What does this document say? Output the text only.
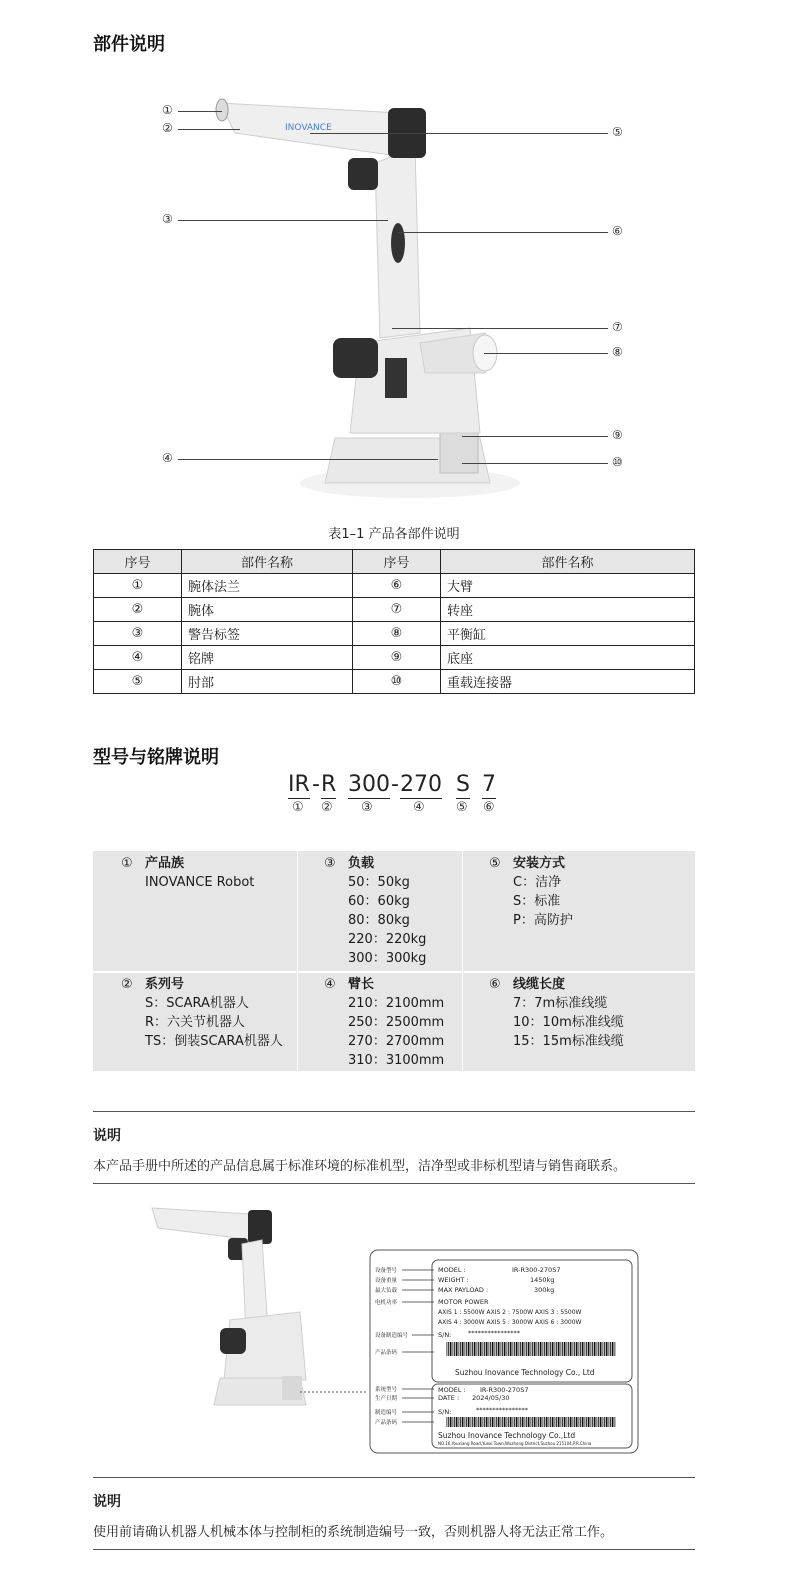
部件说明
INOVANCE
①
②
③
④
⑤
⑥
⑦
⑧
⑨
⑩
表1–1 产品各部件说明
序号	部件名称	序号	部件名称
①	腕体法兰	⑥	大臂
②	腕体	⑦	转座
③	警告标签	⑧	平衡缸
④	铭牌	⑨	底座
⑤	肘部	⑩	重载连接器
型号与铭牌说明
IR - R 300 - 270 S 7
① ② ③	④ ⑤ ⑥
① 产品族
INOVANCE Robot
③ 负载
50：50kg
60：60kg
80：80kg
220：220kg
300：300kg
⑤ 安装方式
C：洁净
S：标准
P：高防护
② 系列号
S：SCARA机器人
R：六关节机器人
TS：倒装SCARA机器人
④ 臂长
210：2100mm
250：2500mm
270：2700mm
310：3100mm
⑥ 线缆长度
7：7m标准线缆
10：10m标准线缆
15：15m标准线缆
说明
本产品手册中所述的产品信息属于标准环境的标准机型，洁净型或非标机型请与销售商联系。
设备型号
设备重量
最大负载
电机功率
设备制造编号
产品条码
系统型号
生产日期
制造编号
产品条码
MODEL :	IR-R300-270S7
WEIGHT :	1450kg
MAX PAYLOAD :	300kg
MOTOR POWER
AXIS 1 : 5500W AXIS 2 : 7500W AXIS 3 : 5500W
AXIS 4 : 3000W AXIS 5 : 3000W AXIS 6 : 3000W
S/N:	****************
Suzhou Inovance Technology Co., Ltd
MODEL : IR-R300-270S7
DATE : 2024/05/30
S/N:	****************
Suzhou Inovance Technology Co.,Ltd
NO.16,Youxiang Road,Yuexi Town,Wuzhong District,Suzhou 215104,P.R.China
说明
使用前请确认机器人机械本体与控制柜的系统制造编号一致，否则机器人将无法正常工作。
